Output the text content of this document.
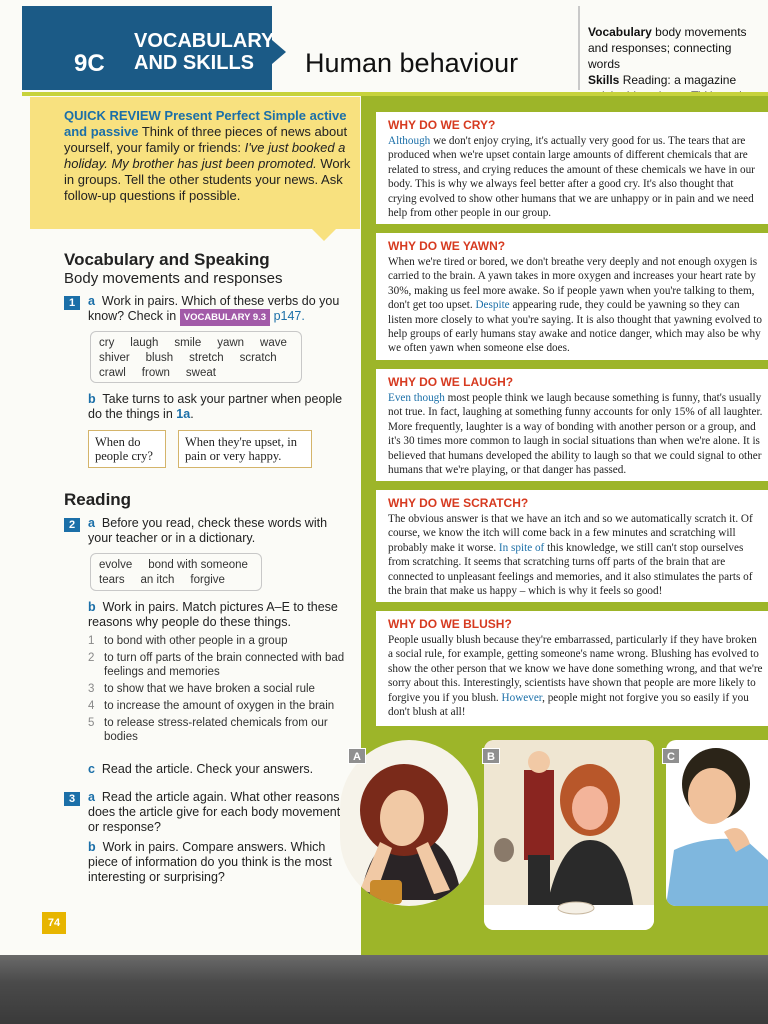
9C
VOCABULARY
AND SKILLS	Human behaviour
Vocabulary body movements and responses; connecting words
Skills Reading: a magazine
QUICK REVIEW Present Perfect Simple active and passive Think of three pieces of news about yourself, your family or friends: I've just booked a holiday. My brother has just been promoted. Work in groups. Tell the other students your news. Ask follow-up questions if possible.
Vocabulary and Speaking
Body movements and responses
1	a Work in pairs. Which of these verbs do you know? Check in VOCABULARY 9.3 p147.
cry     laugh     smile     yawn     wave
shiver     blush     stretch     scratch
crawl     frown     sweat
b Take turns to ask your partner when people do the things in 1a.
When do people cry?
When they're upset, in pain or very happy.
Reading
2	a Before you read, check these words with your teacher or in a dictionary.
evolve     bond with someone
tears     an itch     forgive
b Work in pairs. Match pictures A–E to these reasons why people do these things.
1 to bond with other people in a group
2 to turn off parts of the brain connected with bad feelings and memories
3 to show that we have broken a social rule
4 to increase the amount of oxygen in the brain
5 to release stress-related chemicals from our bodies
c Read the article. Check your answers.
3	a Read the article again. What other reasons does the article give for each body movement or response?
b Work in pairs. Compare answers. Which piece of information do you think is the most interesting or surprising?
74
WHY DO WE CRY?
Although we don't enjoy crying, it's actually very good for us. The tears that are produced when we're upset contain large amounts of different chemicals that are related to stress, and crying reduces the amount of these chemicals we have in our body. This is why we always feel better after a good cry. It's also thought that crying evolved to show other humans that we are unhappy or in pain and we need help from other people in our group.
WHY DO WE YAWN?
When we're tired or bored, we don't breathe very deeply and not enough oxygen is carried to the brain. A yawn takes in more oxygen and increases your heart rate by 30%, making us feel more awake. So if people yawn when you're talking to them, don't get too upset. Despite appearing rude, they could be yawning so they can listen more closely to what you're saying. It is also thought that yawning evolved to help groups of early humans stay awake and notice danger, which may also be why we often yawn when someone else does.
WHY DO WE LAUGH?
Even though most people think we laugh because something is funny, that's usually not true. In fact, laughing at something funny accounts for only 15% of all laughter. More frequently, laughter is a way of bonding with another person or a group, and it's 30 times more common to laugh in social situations than when we're alone. It is believed that humans developed the ability to laugh so that we could signal to other humans that we're playing, or that danger has passed.
WHY DO WE SCRATCH?
The obvious answer is that we have an itch and so we automatically scratch it. Of course, we know the itch will come back in a few minutes and scratching will probably make it worse. In spite of this knowledge, we still can't stop ourselves from scratching. It seems that scratching turns off parts of the brain that are connected to unpleasant feelings and memories, and it also stimulates the parts of the brain that make us happy – which is why it feels so good!
WHY DO WE BLUSH?
People usually blush because they're embarrassed, particularly if they have broken a social rule, for example, getting someone's name wrong. Blushing has evolved to show the other person that we know we have done something wrong, and that we're sorry about this. Interestingly, scientists have shown that people are more likely to forgive you if you blush. However, people might not forgive you so easily if you don't blush at all!
A	B	C
